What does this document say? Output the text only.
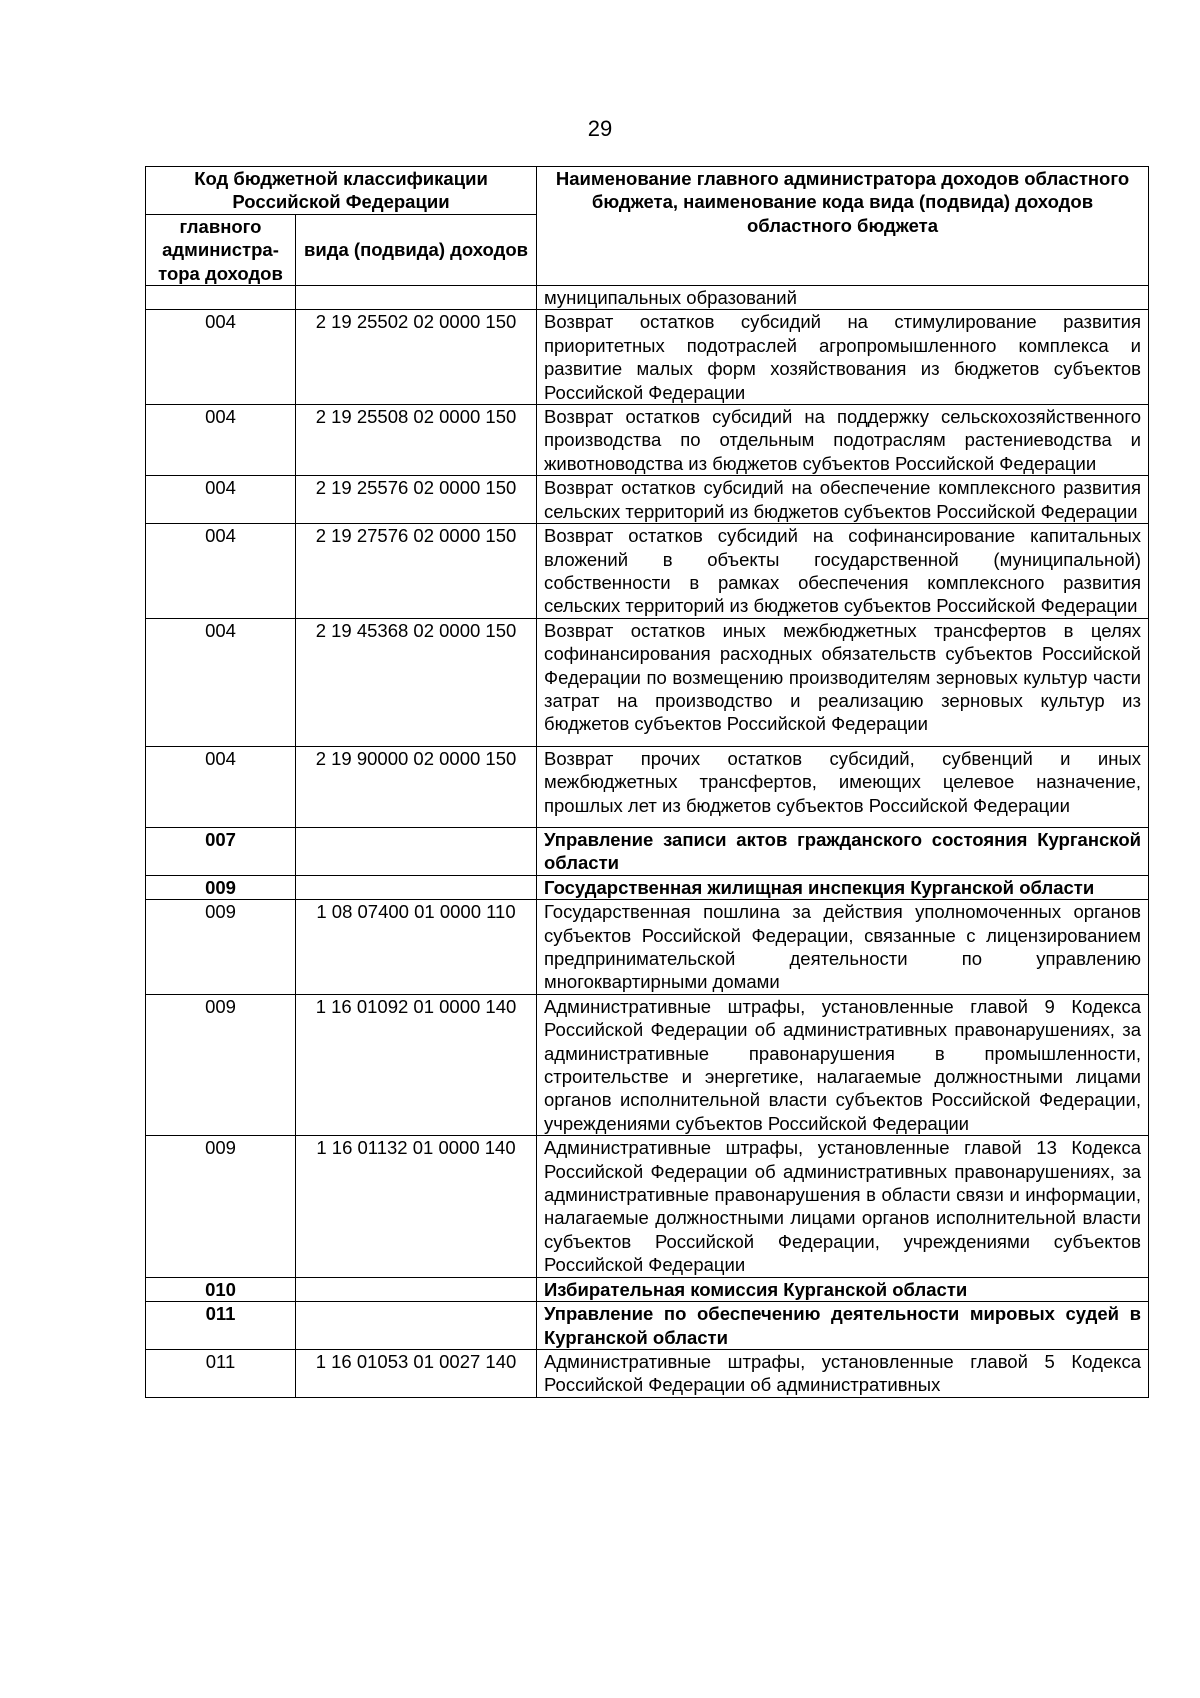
29
Код бюджетной классификации Российской Федерации		Наименование главного администратора доходов областного бюджета, наименование кода вида (подвида) доходов областного бюджета
главного администра-тора доходов	вида (подвида) доходов	
		муниципальных образований
004	2 19 25502 02 0000 150	Возврат остатков субсидий на стимулирование развития приоритетных подотраслей агропромышленного комплекса и развитие малых форм хозяйствования из бюджетов субъектов Российской Федерации
004	2 19 25508 02 0000 150	Возврат остатков субсидий на поддержку сельскохозяйственного производства по отдельным подотраслям растениеводства и животноводства из бюджетов субъектов Российской Федерации
004	2 19 25576 02 0000 150	Возврат остатков субсидий на обеспечение комплексного развития сельских территорий из бюджетов субъектов Российской Федерации
004	2 19 27576 02 0000 150	Возврат остатков субсидий на софинансирование капитальных вложений в объекты государственной (муниципальной) собственности в рамках обеспечения комплексного развития сельских территорий из бюджетов субъектов Российской Федерации
004	2 19 45368 02 0000 150	Возврат остатков иных межбюджетных трансфертов в целях софинансирования расходных обязательств субъектов Российской Федерации по возмещению производителям зерновых культур части затрат на производство и реализацию зерновых культур из бюджетов субъектов Российской Федерации
004	2 19 90000 02 0000 150	Возврат прочих остатков субсидий, субвенций и иных межбюджетных трансфертов, имеющих целевое назначение, прошлых лет из бюджетов субъектов Российской Федерации
007		Управление записи актов гражданского состояния Курганской области
009		Государственная жилищная инспекция Курганской области
009	1 08 07400 01 0000 110	Государственная пошлина за действия уполномоченных органов субъектов Российской Федерации, связанные с лицензированием предпринимательской деятельности по управлению многоквартирными домами
009	1 16 01092 01 0000 140	Административные штрафы, установленные главой 9 Кодекса Российской Федерации об административных правонарушениях, за административные правонарушения в промышленности, строительстве и энергетике, налагаемые должностными лицами органов исполнительной власти субъектов Российской Федерации, учреждениями субъектов Российской Федерации
009	1 16 01132 01 0000 140	Административные штрафы, установленные главой 13 Кодекса Российской Федерации об административных правонарушениях, за административные правонарушения в области связи и информации, налагаемые должностными лицами органов исполнительной власти субъектов Российской Федерации, учреждениями субъектов Российской Федерации
010		Избирательная комиссия Курганской области
011		Управление по обеспечению деятельности мировых судей в Курганской области
011	1 16 01053 01 0027 140	Административные штрафы, установленные главой 5 Кодекса Российской Федерации об административных
